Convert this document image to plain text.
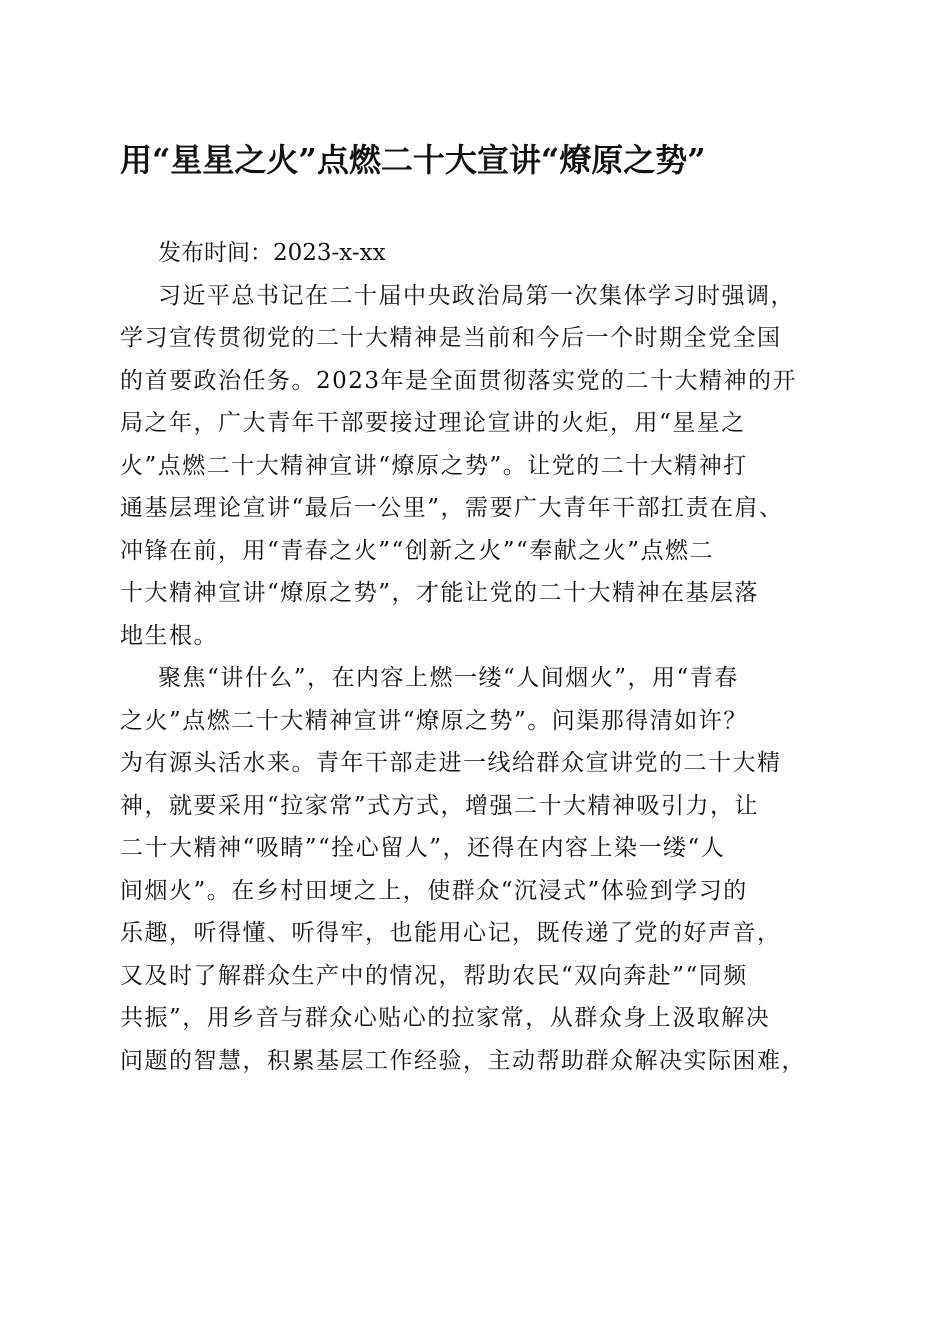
用“星星之火”点燃二十大宣讲“燎原之势”

发布时间：2023-x-xx

习近平总书记在二十届中央政治局第一次集体学习时强调，
学习宣传贯彻党的二十大精神是当前和今后一个时期全党全国
的首要政治任务。2023年是全面贯彻落实党的二十大精神的开
局之年，广大青年干部要接过理论宣讲的火炬，用“星星之
火”点燃二十大精神宣讲“燎原之势”。让党的二十大精神打
通基层理论宣讲“最后一公里”，需要广大青年干部扛责在肩、
冲锋在前，用“青春之火”“创新之火”“奉献之火”点燃二
十大精神宣讲“燎原之势”，才能让党的二十大精神在基层落
地生根。

聚焦“讲什么”，在内容上燃一缕“人间烟火”，用“青春
之火”点燃二十大精神宣讲“燎原之势”。问渠那得清如许？
为有源头活水来。青年干部走进一线给群众宣讲党的二十大精
神，就要采用“拉家常”式方式，增强二十大精神吸引力，让
二十大精神“吸睛”“拴心留人”，还得在内容上染一缕“人
间烟火”。在乡村田埂之上，使群众“沉浸式”体验到学习的
乐趣，听得懂、听得牢，也能用心记，既传递了党的好声音，
又及时了解群众生产中的情况，帮助农民“双向奔赴”“同频
共振”，用乡音与群众心贴心的拉家常，从群众身上汲取解决
问题的智慧，积累基层工作经验，主动帮助群众解决实际困难，
